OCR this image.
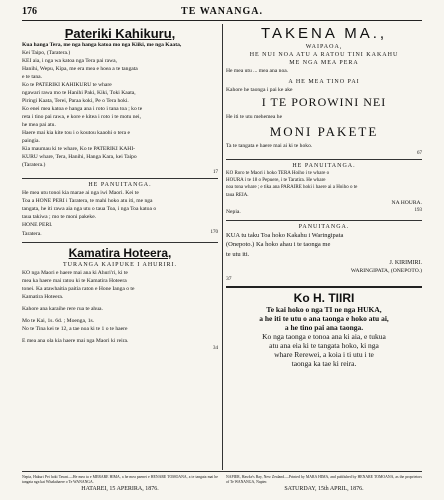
176	TE WANANGA.
Pateriki Kahikuru,
Kua hanga Tera, me nga hanga katoa mo nga Kiiki, me nga Kaata,
Kei Taipo, (Taratera.)
KEI aia, i nga wa katoa nga Tera pai rawa,
Hanihi, Wepu, Kipa, me era mea e hoea a te tangata
e te tana.
Ko te PATERIKI KAHIKURU te whare
ngawari rawa mo te Hanihi Paki, Kiki, Toki Kaata,
Piringi Kaata, Terei, Paraa koki, Pe o Tera hoki.
Ko enei mea katoa e hanga ana i roto i tana toa ; ko te
reta i tino pai rawa, e kore e kitea i roto i te motu nei,
he mea pai atu.
Haere mai kia kite tou i o koutou kaaohi o tera e
paingia.
Kia maumau ki te whare, Ko te PATERIKI KAHI-
KURU whare, Tera, Hanihi, Hanga Kara, kei Taipo
(Taratera.)
17
HE PANUITANGA.
He mea utu tonoi kia marae ai nga iwi Maori. Kei te
Toa a HONE PERI i Taratera, te mahi hoko atu iti, me nga
tangata, he iti rawa aia nga utu o taua Toa, i nga Toa katoa o
taua takiwa ; mo te moni pakeke.
HONE PERI.
Taratera.	170
Kamatira Hoteera,
TURANGA KAIPUKE I AHURIRI.
KO nga Maori e haere mai ana ki Ahuri'ri, ki te
mea ka haere mai ratou ki te Kamatira Hoteera
tonei. Ka atawhaitia paitia raton e Hone Ianga o te
Kamatira Hoteera.
Kahore ana karaihe rere rua te ahua.
Mo te Kai, 1s. 6d. ; Moenga, 1s.
No te Tina kei te 12, a tae noa ki te 1 o te haere
E mea ana ola kia haere mai nga Maori ki reira.
34
TAKENA MA.,
WAIPAOA,
HE NUI NOA ATU A RATOU TINI KAKAHU
ME NGA MEA PERA
He mea utu ... mea ana noa.
A HE MEA TINO PAI
Kahore he taonga i pai ke ake
I TE POROWINI NEI
He iti te utu mehemea he
MONI PAKETE
Ta te tangata e haere mai ai ki te hoko.
67
HE PANUITANGA.
KO Roro te Maori i hoko TERA Hoiho i te whare o
HOURA i te 18 o Pepuere, i te Taratira. He whare
noa tona whare ; e tika ana PARAIRE hoki i haere ai a Hoiho o te
taua REIA.
NA HOURA.
Nepia.	193
PANUITANGA.
KUA tu taku Toa hoko Kakahu i Waringipata
(Onepoto.) Ka hoko ahau i te taonga me
te utu iti.
J. KIRIMIRI.
WARINGIPATA, (ONEPOTO.)
37
Ko H. TIIRI
Te kai hoko o nga TI ne nga HUKA,
a he iti te utu o ana taonga e hoko atu ai,
a he tino pai ana taonga.
Ko nga taonga e tonoa ana ki aia, e tukua
atu ana eia ki te tangata hoko, ki nga
whare Rerewei, a koia i ti utu i te
taonga ka tae ki reira.
Nepia, Hakuri Pei hoki Tawni.—He mea ta e MERARE HIMA, a he mea paenei e HENARE TOMOANA, a te tangata mai he tangata nga kai Whakahaere o Te WANANGA.
HATAREI, 15 APERIRA, 1876.
NAPIER, Hawke's Bay, New Zealand.—Printed by MARA HIMA, and published by HENARE TOMOANA, as the proprietors of Te WANANGA, Napier.
SATURDAY, 15th APRIL, 1876.
